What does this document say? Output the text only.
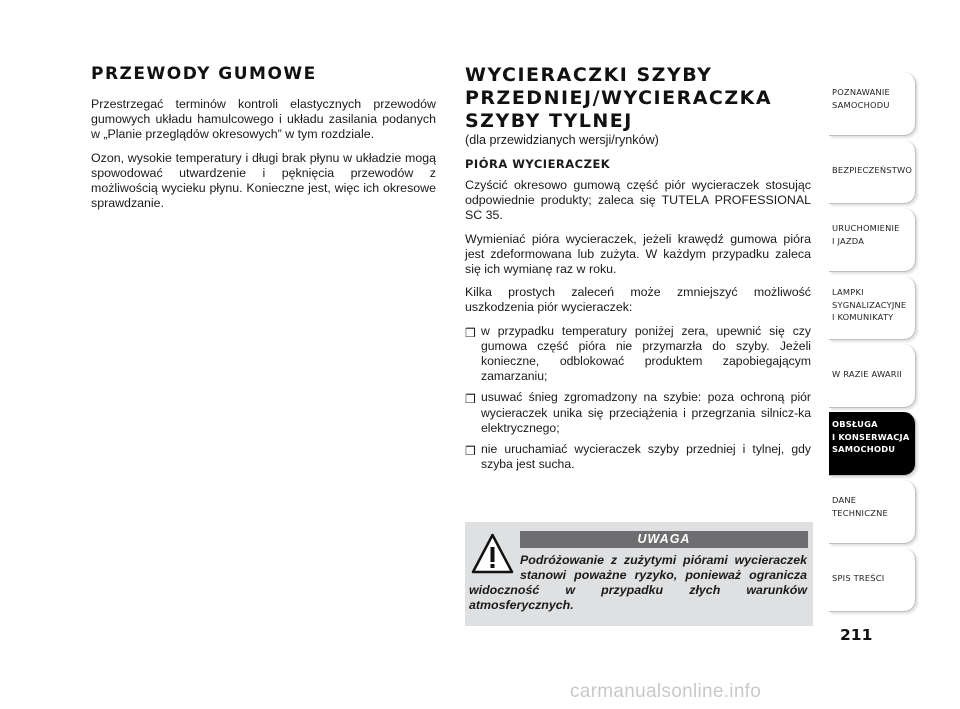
PRZEWODY GUMOWE

Przestrzegać terminów kontroli elastycznych przewodów gumowych układu hamulcowego i układu zasilania podanych w „Planie przeglądów okresowych” w tym rozdziale.

Ozon, wysokie temperatury i długi brak płynu w układzie mogą spowodować utwardzenie i pęknięcia przewodów z możliwością wycieku płynu. Konieczne jest, więc ich okresowe sprawdzanie.

WYCIERACZKI SZYBY PRZEDNIEJ/WYCIERACZKA SZYBY TYLNEJ
(dla przewidzianych wersji/rynków)
PIÓRA WYCIERACZEK

Czyścić okresowo gumową część piór wycieraczek stosując odpowiednie produkty; zaleca się TUTELA PROFESSIONAL SC 35.

Wymieniać pióra wycieraczek, jeżeli krawędź gumowa pióra jest zdeformowana lub zużyta. W każdym przypadku zaleca się ich wymianę raz w roku.

Kilka prostych zaleceń może zmniejszyć możliwość uszkodzenia piór wycieraczek:

❒ w przypadku temperatury poniżej zera, upewnić się czy gumowa część pióra nie przymarzła do szyby. Jeżeli konieczne, odblokować produktem zapobiegającym zamarzaniu;
❒ usuwać śnieg zgromadzony na szybie: poza ochroną piór wycieraczek unika się przeciążenia i przegrzania silnicz-ka elektrycznego;
❒ nie uruchamiać wycieraczek szyby przedniej i tylnej, gdy szyba jest sucha.
UWAGA
Podróżowanie z zużytymi piórami wycieraczek stanowi poważne ryzyko, ponieważ ogranicza widoczność w przypadku złych warunków atmosferycznych.
POZNAWANIE
SAMOCHODU
BEZPIECZEŃSTWO
URUCHOMIENIE
I JAZDA
LAMPKI
SYGNALIZACYJNE
I KOMUNIKATY
W RAZIE AWARII
OBSŁUGA
I KONSERWACJA
SAMOCHODU
DANE
TECHNICZNE
SPIS TREŚCI
211
carmanualsonline.info
